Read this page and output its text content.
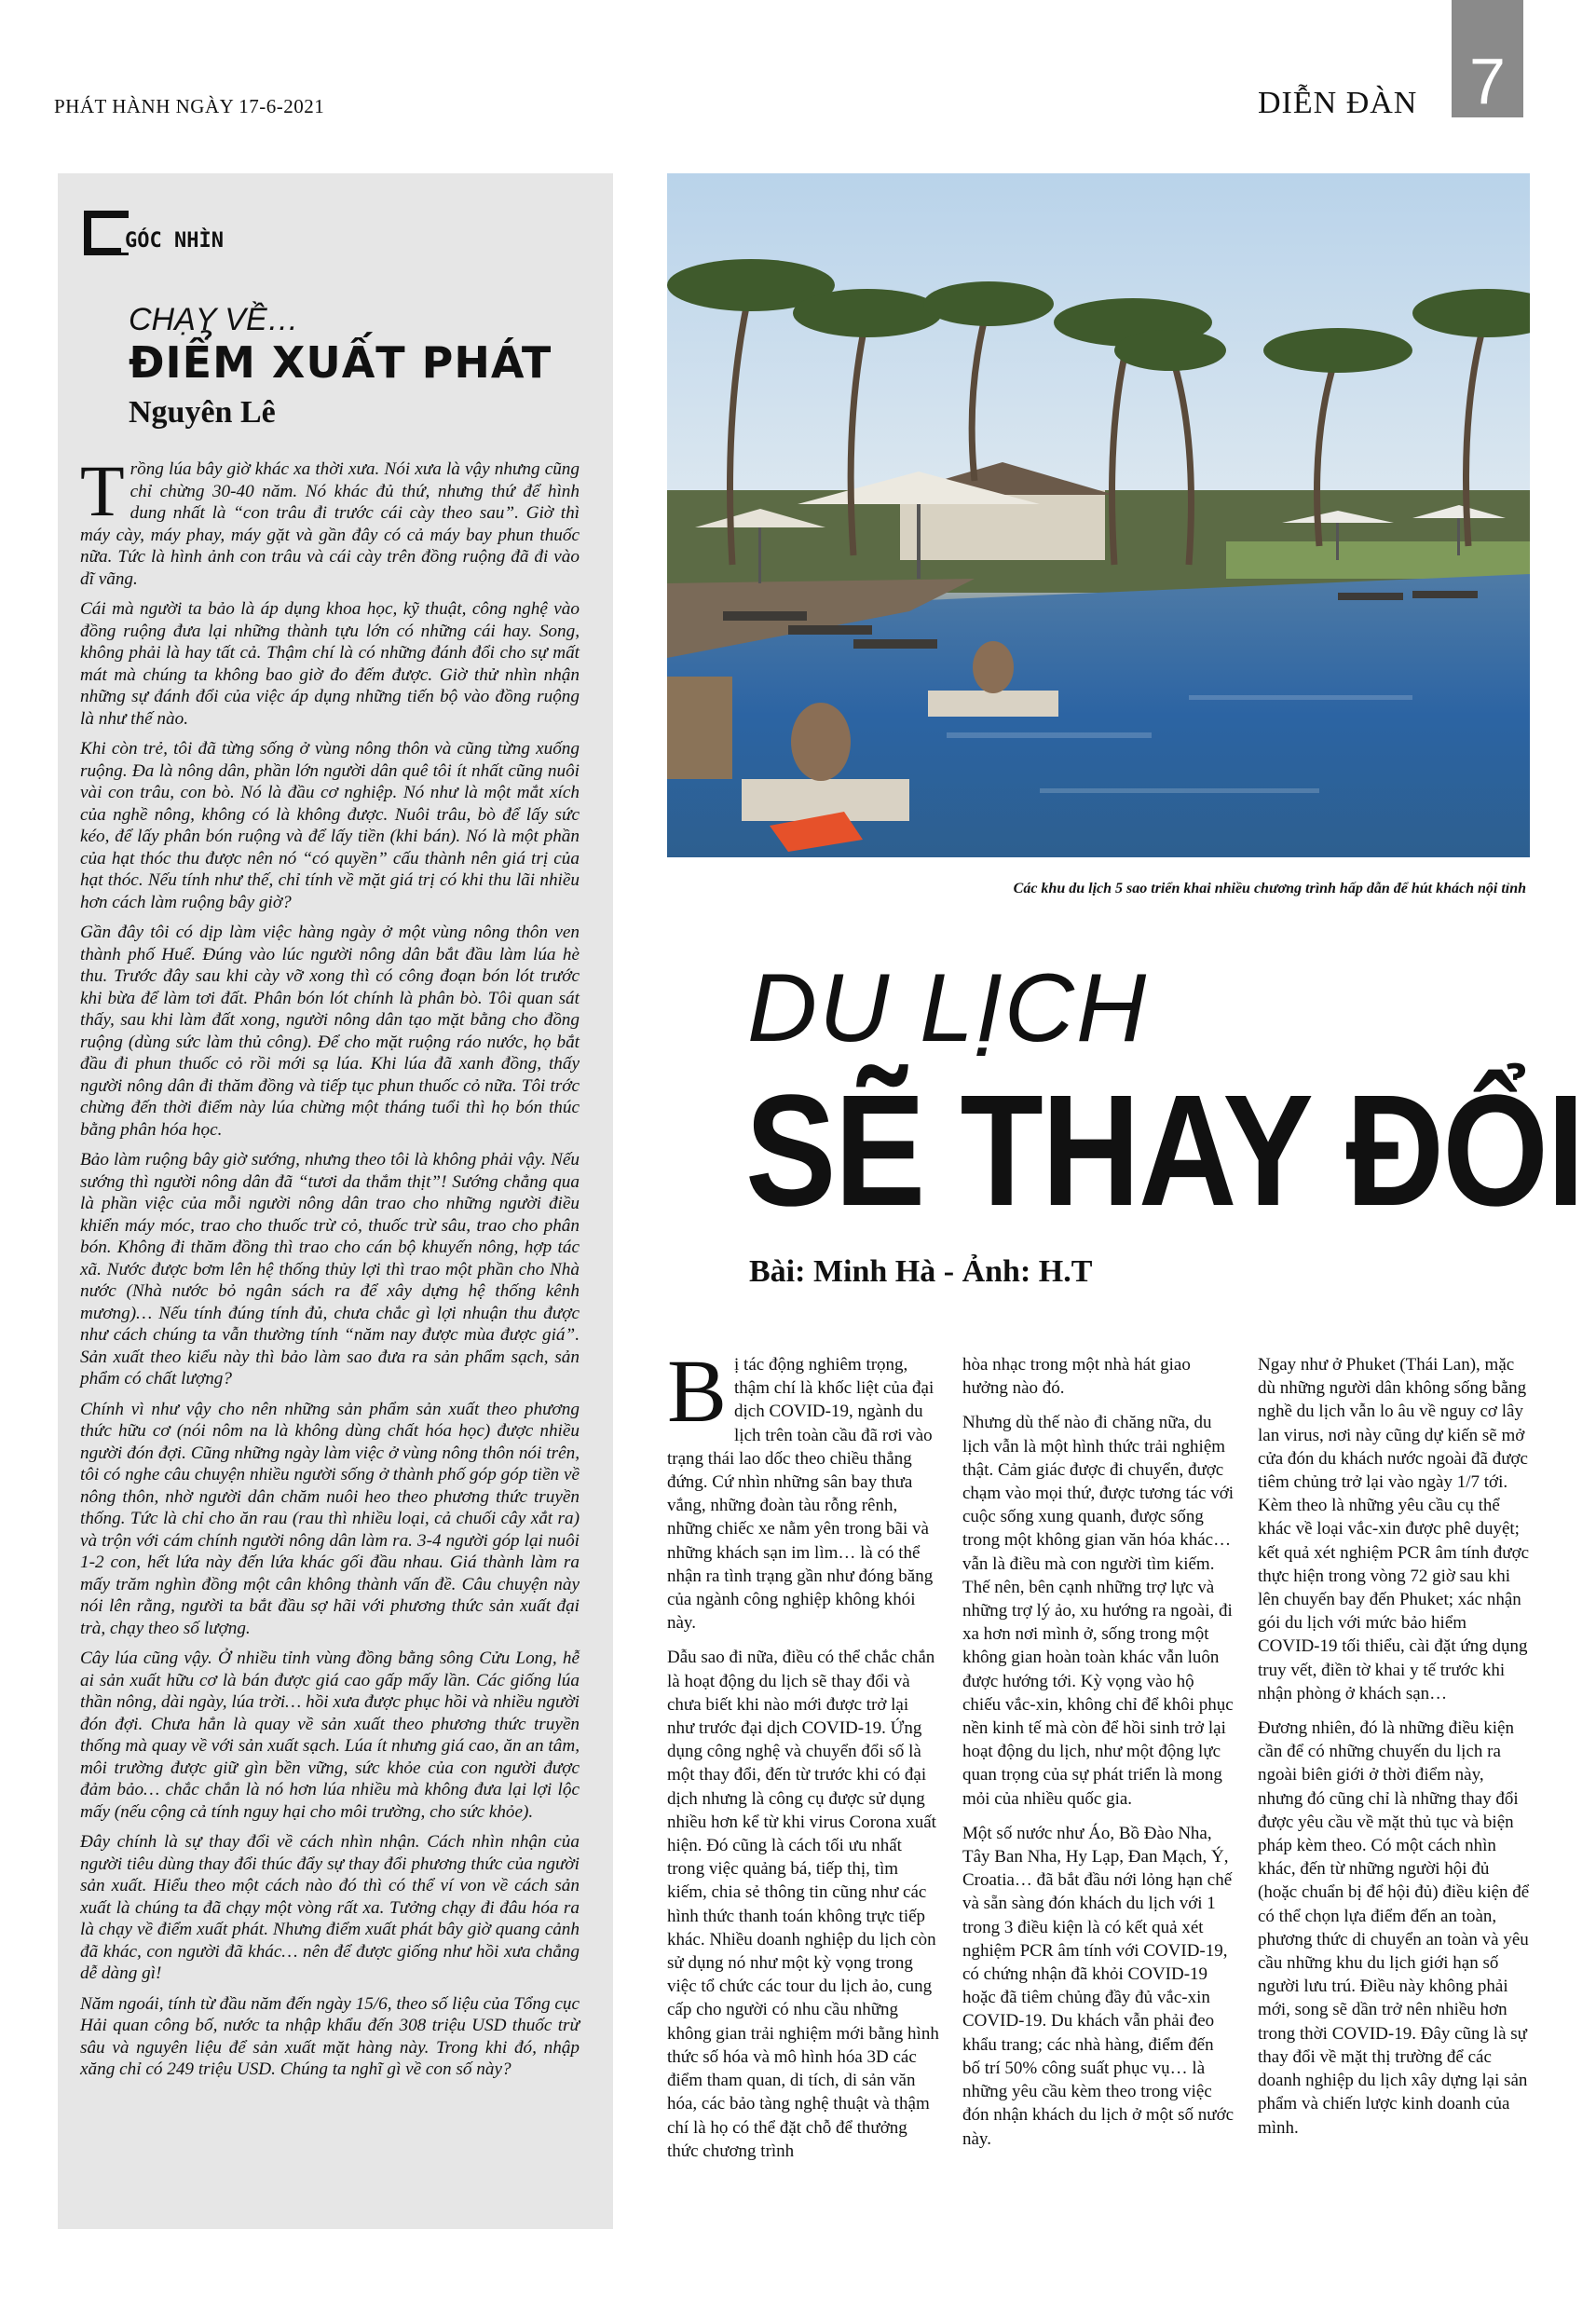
PHÁT HÀNH NGÀY 17-6-2021	DIỄN ĐÀN 7
GÓC NHÌN
CHẠY VỀ…
ĐIỂM XUẤT PHÁT
Nguyên Lê

Trồng lúa bây giờ khác xa thời xưa. Nói xưa là vậy nhưng cũng chỉ chừng 30-40 năm. Nó khác đủ thứ, nhưng thứ để hình dung nhất là “con trâu đi trước cái cày theo sau”. Giờ thì máy cày, máy phay, máy gặt và gần đây có cả máy bay phun thuốc nữa. Tức là hình ảnh con trâu và cái cày trên đồng ruộng đã đi vào dĩ vãng.

Cái mà người ta bảo là áp dụng khoa học, kỹ thuật, công nghệ vào đồng ruộng đưa lại những thành tựu lớn có những cái hay. Song, không phải là hay tất cả. Thậm chí là có những đánh đổi cho sự mất mát mà chúng ta không bao giờ đo đếm được. Giờ thử nhìn nhận những sự đánh đổi của việc áp dụng những tiến bộ vào đồng ruộng là như thế nào.

Khi còn trẻ, tôi đã từng sống ở vùng nông thôn và cũng từng xuống ruộng. Đa là nông dân, phần lớn người dân quê tôi ít nhất cũng nuôi vài con trâu, con bò. Nó là đầu cơ nghiệp. Nó như là một mắt xích của nghề nông, không có là không được. Nuôi trâu, bò để lấy sức kéo, để lấy phân bón ruộng và để lấy tiền (khi bán). Nó là một phần của hạt thóc thu được nên nó “có quyền” cấu thành nên giá trị của hạt thóc. Nếu tính như thế, chỉ tính về mặt giá trị có khi thu lãi nhiều hơn cách làm ruộng bây giờ?

Gần đây tôi có dịp làm việc hàng ngày ở một vùng nông thôn ven thành phố Huế. Đúng vào lúc người nông dân bắt đầu làm lúa hè thu. Trước đây sau khi cày vỡ xong thì có công đoạn bón lót trước khi bừa để làm tơi đất. Phân bón lót chính là phân bò. Tôi quan sát thấy, sau khi làm đất xong, người nông dân tạo mặt bằng cho đồng ruộng (dùng sức làm thủ công). Để cho mặt ruộng ráo nước, họ bắt đầu đi phun thuốc cỏ rồi mới sạ lúa. Khi lúa đã xanh đồng, thấy người nông dân đi thăm đồng và tiếp tục phun thuốc cỏ nữa. Tôi trớc chừng đến thời điểm này lúa chừng một tháng tuổi thì họ bón thúc bằng phân hóa học.

Bảo làm ruộng bây giờ sướng, nhưng theo tôi là không phải vậy. Nếu sướng thì người nông dân đã “tươi da thắm thịt”! Sướng chẳng qua là phần việc của mỗi người nông dân trao cho những người điều khiển máy móc, trao cho thuốc trừ cỏ, thuốc trừ sâu, trao cho phân bón. Không đi thăm đồng thì trao cho cán bộ khuyến nông, hợp tác xã. Nước được bơm lên hệ thống thủy lợi thì trao một phần cho Nhà nước (Nhà nước bỏ ngân sách ra để xây dựng hệ thống kênh mương)… Nếu tính đúng tính đủ, chưa chắc gì lợi nhuận thu được như cách chúng ta vẫn thường tính “năm nay được mùa được giá”. Sản xuất theo kiểu này thì bảo làm sao đưa ra sản phẩm sạch, sản phẩm có chất lượng?

Chính vì như vậy cho nên những sản phẩm sản xuất theo phương thức hữu cơ (nói nôm na là không dùng chất hóa học) được nhiều người đón đợi. Cũng những ngày làm việc ở vùng nông thôn nói trên, tôi có nghe câu chuyện nhiều người sống ở thành phố góp góp tiền về nông thôn, nhờ người dân chăm nuôi heo theo phương thức truyền thống. Tức là chỉ cho ăn rau (rau thì nhiều loại, cả chuối cây xắt ra) và trộn với cám chính người nông dân làm ra. 3-4 người góp lại nuôi 1-2 con, hết lứa này đến lứa khác gối đầu nhau. Giá thành làm ra mấy trăm nghìn đồng một cân không thành vấn đề. Câu chuyện này nói lên rằng, người ta bắt đầu sợ hãi với phương thức sản xuất đại trà, chạy theo số lượng.

Cây lúa cũng vậy. Ở nhiều tỉnh vùng đồng bằng sông Cửu Long, hễ ai sản xuất hữu cơ là bán được giá cao gấp mấy lần. Các giống lúa thần nông, dài ngày, lúa trời… hồi xưa được phục hồi và nhiều người đón đợi. Chưa hẳn là quay về sản xuất theo phương thức truyền thống mà quay về với sản xuất sạch. Lúa ít nhưng giá cao, ăn an tâm, môi trường được giữ gìn bền vững, sức khỏe của con người được đảm bảo… chắc chắn là nó hơn lúa nhiều mà không đưa lại lợi lộc mấy (nếu cộng cả tính nguy hại cho môi trường, cho sức khỏe).

Đây chính là sự thay đổi về cách nhìn nhận. Cách nhìn nhận của người tiêu dùng thay đổi thúc đẩy sự thay đổi phương thức của người sản xuất. Hiểu theo một cách nào đó thì có thể ví von về cách sản xuất là chúng ta đã chạy một vòng rất xa. Tưởng chạy đi đâu hóa ra là chạy về điểm xuất phát. Nhưng điểm xuất phát bây giờ quang cảnh đã khác, con người đã khác… nên để được giống như hồi xưa chẳng dễ dàng gì!

Năm ngoái, tính từ đầu năm đến ngày 15/6, theo số liệu của Tổng cục Hải quan công bố, nước ta nhập khẩu đến 308 triệu USD thuốc trừ sâu và nguyên liệu để sản xuất mặt hàng này. Trong khi đó, nhập xăng chỉ có 249 triệu USD. Chúng ta nghĩ gì về con số này?

Các khu du lịch 5 sao triển khai nhiều chương trình hấp dẫn để hút khách nội tỉnh
DU LỊCH
SẼ THAY ĐỔI
Bài: Minh Hà - Ảnh: H.T

Bị tác động nghiêm trọng, thậm chí là khốc liệt của đại dịch COVID-19, ngành du lịch trên toàn cầu đã rơi vào trạng thái lao dốc theo chiều thẳng đứng. Cứ nhìn những sân bay thưa vắng, những đoàn tàu rỗng rênh, những chiếc xe nằm yên trong bãi và những khách sạn im lìm… là có thể nhận ra tình trạng gần như đóng băng của ngành công nghiệp không khói này.

Dẫu sao đi nữa, điều có thể chắc chắn là hoạt động du lịch sẽ thay đổi và chưa biết khi nào mới được trở lại như trước đại dịch COVID-19. Ứng dụng công nghệ và chuyển đổi số là một thay đổi, đến từ trước khi có đại dịch nhưng là công cụ được sử dụng nhiều hơn kể từ khi virus Corona xuất hiện. Đó cũng là cách tối ưu nhất trong việc quảng bá, tiếp thị, tìm kiếm, chia sẻ thông tin cũng như các hình thức thanh toán không trực tiếp khác. Nhiều doanh nghiệp du lịch còn sử dụng nó như một kỳ vọng trong việc tổ chức các tour du lịch ảo, cung cấp cho người có nhu cầu những không gian trải nghiệm mới bằng hình thức số hóa và mô hình hóa 3D các điểm tham quan, di tích, di sản văn hóa, các bảo tàng nghệ thuật và thậm chí là họ có thể đặt chỗ để thưởng thức chương trình

hòa nhạc trong một nhà hát giao hưởng nào đó.

Nhưng dù thế nào đi chăng nữa, du lịch vẫn là một hình thức trải nghiệm thật. Cảm giác được đi chuyển, được chạm vào mọi thứ, được tương tác với cuộc sống xung quanh, được sống trong một không gian văn hóa khác… vẫn là điều mà con người tìm kiếm. Thế nên, bên cạnh những trợ lực và những trợ lý ảo, xu hướng ra ngoài, đi xa hơn nơi mình ở, sống trong một không gian hoàn toàn khác vẫn luôn được hướng tới. Kỳ vọng vào hộ chiếu vắc-xin, không chỉ để khôi phục nền kinh tế mà còn để hồi sinh trở lại hoạt động du lịch, như một động lực quan trọng của sự phát triển là mong mỏi của nhiều quốc gia.

Một số nước như Áo, Bồ Đào Nha, Tây Ban Nha, Hy Lạp, Đan Mạch, Ý, Croatia… đã bắt đầu nới lỏng hạn chế và sẵn sàng đón khách du lịch với 1 trong 3 điều kiện là có kết quả xét nghiệm PCR âm tính với COVID-19, có chứng nhận đã khỏi COVID-19 hoặc đã tiêm chủng đầy đủ vắc-xin COVID-19. Du khách vẫn phải đeo khẩu trang; các nhà hàng, điểm đến bố trí 50% công suất phục vụ… là những yêu cầu kèm theo trong việc đón nhận khách du lịch ở một số nước này.

Ngay như ở Phuket (Thái Lan), mặc dù những người dân không sống bằng nghề du lịch vẫn lo âu về nguy cơ lây lan virus, nơi này cũng dự kiến sẽ mở cửa đón du khách nước ngoài đã được tiêm chủng trở lại vào ngày 1/7 tới. Kèm theo là những yêu cầu cụ thể khác về loại vắc-xin được phê duyệt; kết quả xét nghiệm PCR âm tính được thực hiện trong vòng 72 giờ sau khi lên chuyến bay đến Phuket; xác nhận gói du lịch với mức bảo hiểm COVID-19 tối thiểu, cài đặt ứng dụng truy vết, điền tờ khai y tế trước khi nhận phòng ở khách sạn…

Đương nhiên, đó là những điều kiện cần để có những chuyến du lịch ra ngoài biên giới ở thời điểm này, nhưng đó cũng chỉ là những thay đổi được yêu cầu về mặt thủ tục và biện pháp kèm theo. Có một cách nhìn khác, đến từ những người hội đủ (hoặc chuẩn bị để hội đủ) điều kiện để có thể chọn lựa điểm đến an toàn, phương thức di chuyển an toàn và yêu cầu những khu du lịch giới hạn số người lưu trú. Điều này không phải mới, song sẽ dần trở nên nhiều hơn trong thời COVID-19. Đây cũng là sự thay đổi về mặt thị trường để các doanh nghiệp du lịch xây dựng lại sản phẩm và chiến lược kinh doanh của mình.
